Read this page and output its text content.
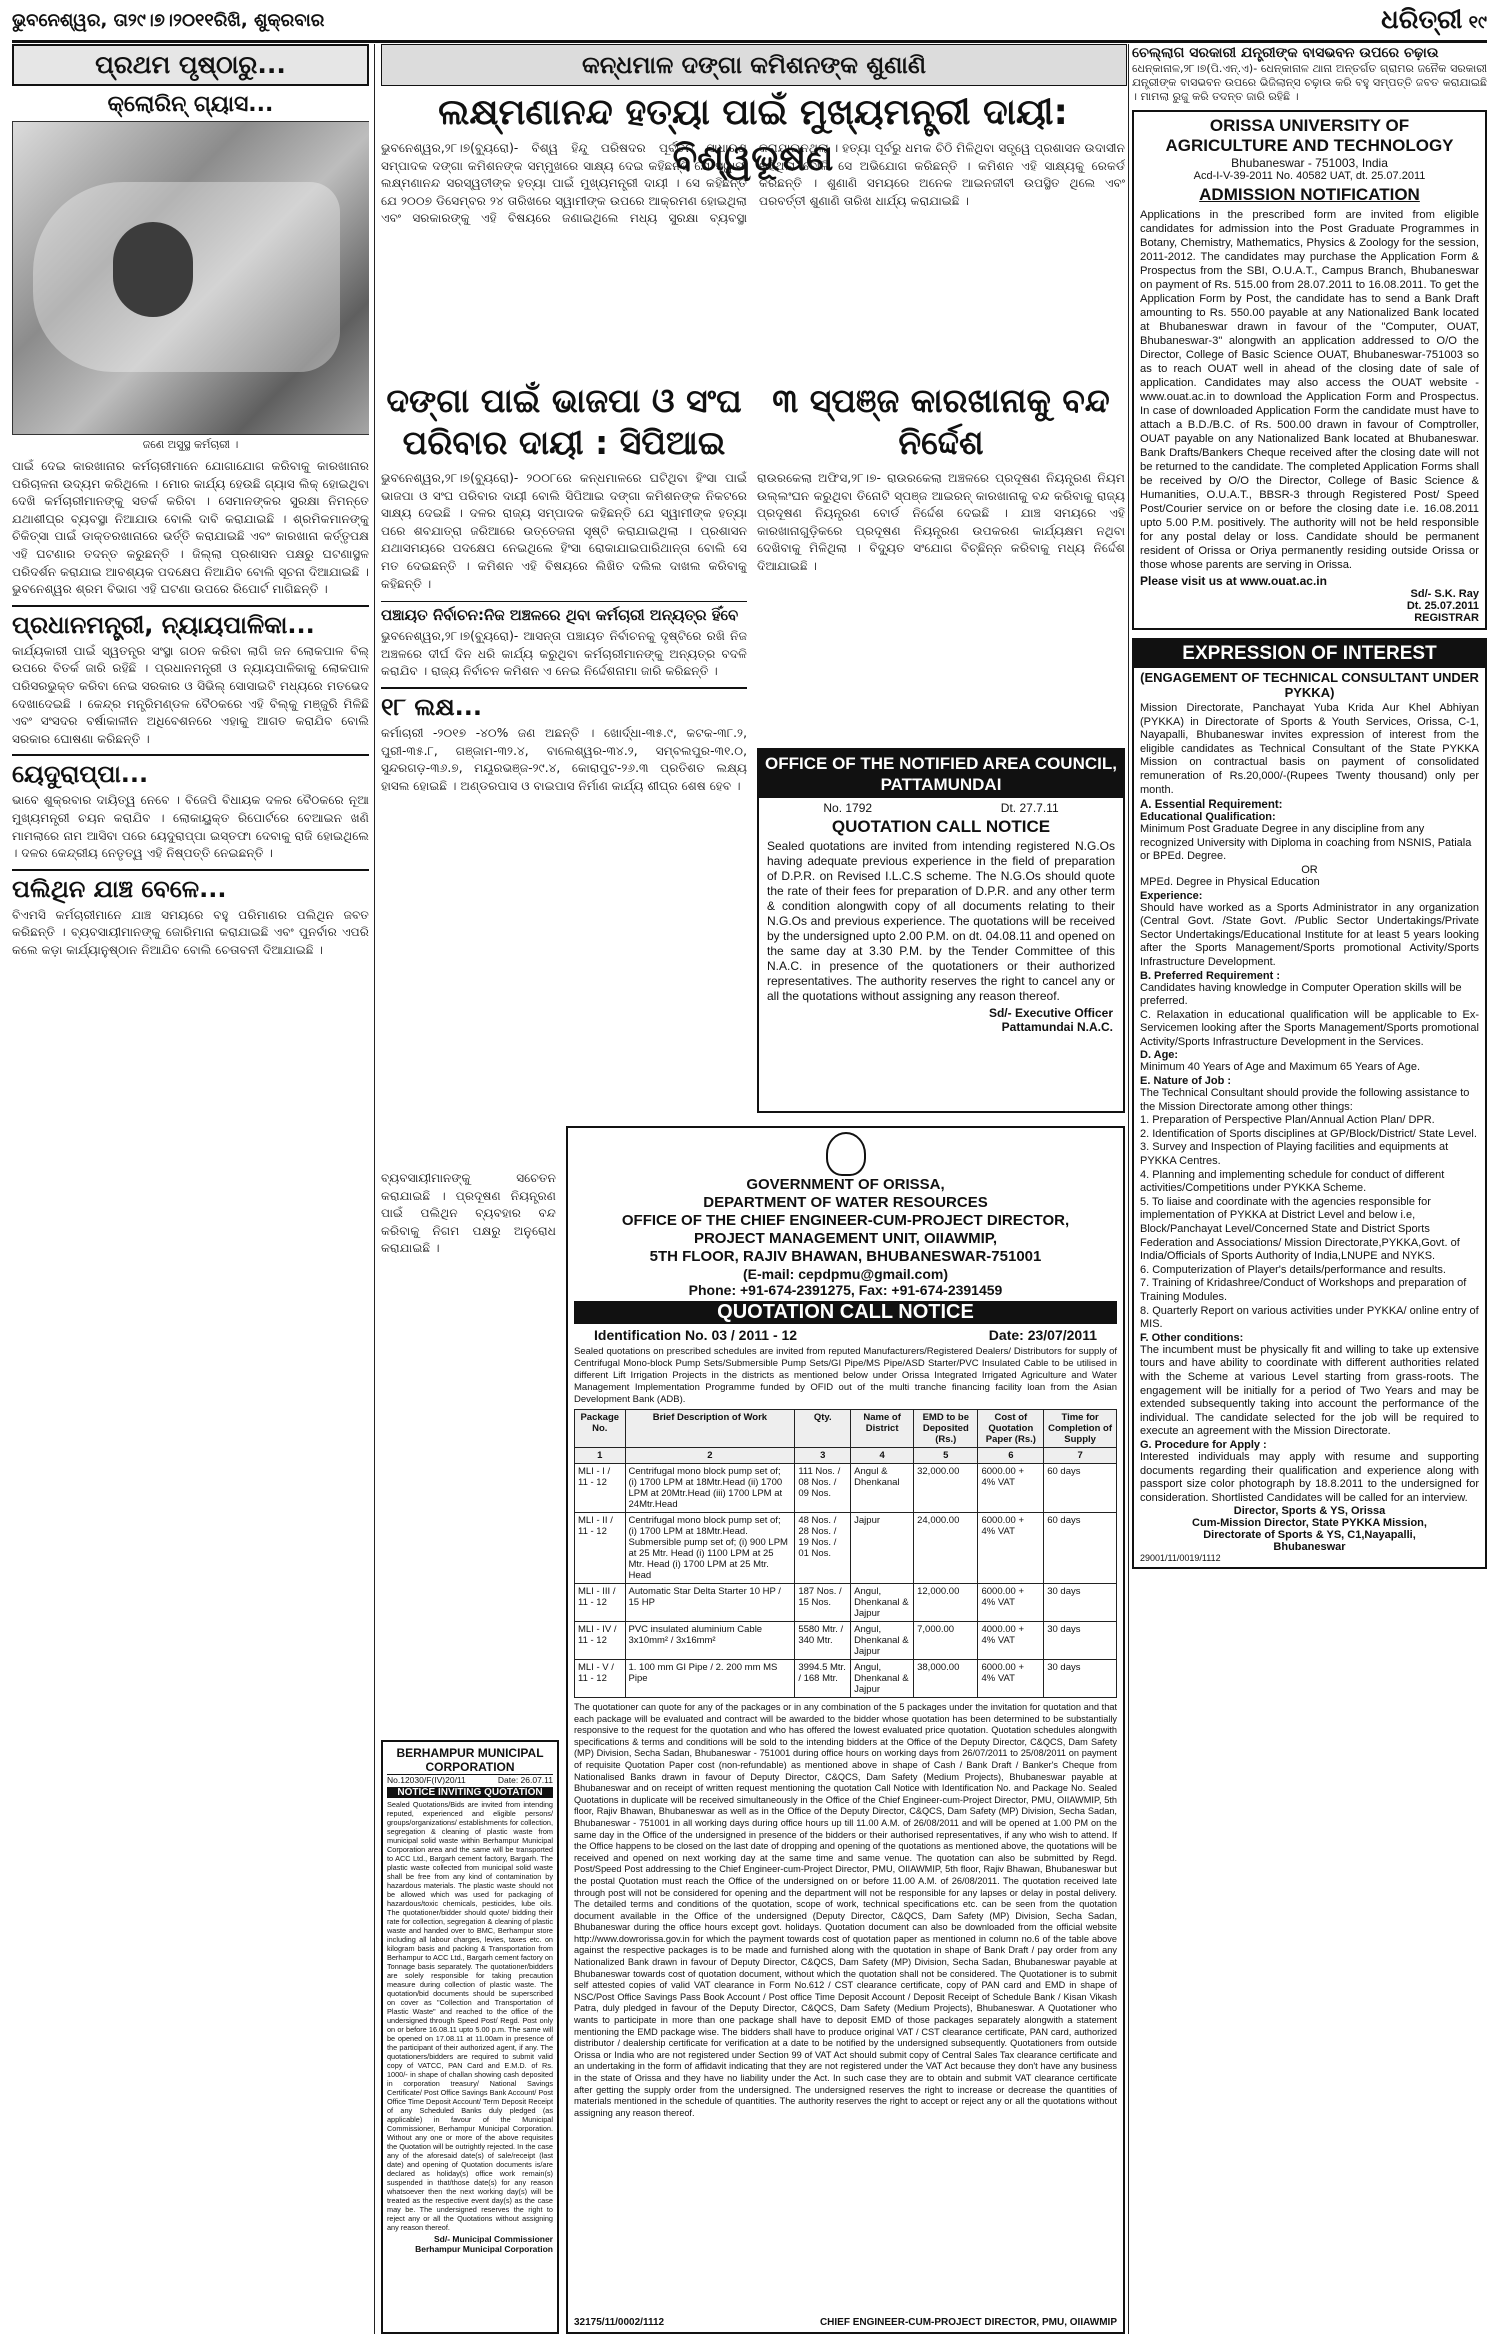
ଭୁବନେଶ୍ୱର, ତା୨୯।୭।୨୦୧୧ରିଖି, ଶୁକ୍ରବାର	ଧରିତ୍ରୀ ୧୯
ପ୍ରଥମ ପୃଷ୍ଠାରୁ...
କ୍ଲୋରିନ୍ ଗ୍ୟାସ...
ଜଣେ ଅସୁସ୍ଥ କର୍ମଚାରୀ ।

ପାଇଁ ଦେଇ କାରଖାନାର କର୍ମଚାରୀମାନେ ଯୋଗାଯୋଗ କରିବାକୁ କାରଖାନାର ପରିଚାଳନା ଉଦ୍ୟମ କରିଥିଲେ । ମୋର କାର୍ଯ୍ୟ ହେଉଛି ଗ୍ୟାସ ଲିକ୍ ହୋଇଥିବା ଦେଖି କର୍ମଚାରୀମାନଙ୍କୁ ସତର୍କ କରିବା । ସେମାନଙ୍କର ସୁରକ୍ଷା ନିମନ୍ତେ ଯଥାଶୀଘ୍ର ବ୍ୟବସ୍ଥା ନିଆଯାଉ ବୋଲି ଦାବି କରାଯାଇଛି । ଶ୍ରମିକମାନଙ୍କୁ ଚିକିତ୍ସା ପାଇଁ ଡାକ୍ତରଖାନାରେ ଭର୍ତ୍ତି କରାଯାଇଛି ଏବଂ କାରଖାନା କର୍ତ୍ତୃପକ୍ଷ ଏହି ଘଟଣାର ତଦନ୍ତ କରୁଛନ୍ତି । ଜିଲ୍ଲା ପ୍ରଶାସନ ପକ୍ଷରୁ ଘଟଣାସ୍ଥଳ ପରିଦର୍ଶନ କରାଯାଇ ଆବଶ୍ୟକ ପଦକ୍ଷେପ ନିଆଯିବ ବୋଲି ସୂଚନା ଦିଆଯାଇଛି । ଭୁବନେଶ୍ୱର ଶ୍ରମ ବିଭାଗ ଏହି ଘଟଣା ଉପରେ ରିପୋର୍ଟ ମାଗିଛନ୍ତି ।

ପ୍ରଧାନମନ୍ତ୍ରୀ, ନ୍ୟାୟପାଳିକା...

କାର୍ଯ୍ୟକାରୀ ପାଇଁ ସ୍ୱତନ୍ତ୍ର ସଂସ୍ଥା ଗଠନ କରିବା ଲାଗି ଜନ ଲୋକପାଳ ବିଲ୍ ଉପରେ ବିତର୍କ ଜାରି ରହିଛି । ପ୍ରଧାନମନ୍ତ୍ରୀ ଓ ନ୍ୟାୟପାଳିକାକୁ ଲୋକପାଳ ପରିସରଭୁକ୍ତ କରିବା ନେଇ ସରକାର ଓ ସିଭିଲ୍ ସୋସାଇଟି ମଧ୍ୟରେ ମତଭେଦ ଦେଖାଦେଇଛି । କେନ୍ଦ୍ର ମନ୍ତ୍ରିମଣ୍ଡଳ ବୈଠକରେ ଏହି ବିଲ୍‌କୁ ମଞ୍ଜୁରି ମିଳିଛି ଏବଂ ସଂସଦର ବର୍ଷାକାଳୀନ ଅଧିବେଶନରେ ଏହାକୁ ଆଗତ କରାଯିବ ବୋଲି ସରକାର ଘୋଷଣା କରିଛନ୍ତି ।

ୟେଦୁରାପ୍ପା...

ଭାବେ ଶୁକ୍ରବାର ଦାୟିତ୍ୱ ନେବେ । ବିଜେପି ବିଧାୟକ ଦଳର ବୈଠକରେ ନୂଆ ମୁଖ୍ୟମନ୍ତ୍ରୀ ଚୟନ କରାଯିବ । ଲୋକାୟୁକ୍ତ ରିପୋର୍ଟରେ ବେଆଇନ ଖଣି ମାମଲାରେ ନାମ ଆସିବା ପରେ ୟେଦୁରାପ୍ପା ଇସ୍ତଫା ଦେବାକୁ ରାଜି ହୋଇଥିଲେ । ଦଳର କେନ୍ଦ୍ରୀୟ ନେତୃତ୍ୱ ଏହି ନିଷ୍ପତ୍ତି ନେଇଛନ୍ତି ।

ପଲିଥିନ ଯାଞ୍ଚ ବେଳେ...

ବିଏମସି କର୍ମଚାରୀମାନେ ଯାଞ୍ଚ ସମୟରେ ବହୁ ପରିମାଣର ପଲିଥିନ ଜବତ କରିଛନ୍ତି । ବ୍ୟବସାୟୀମାନଙ୍କୁ ଜୋରିମାନା କରାଯାଇଛି ଏବଂ ପୁନର୍ବାର ଏପରି କଲେ କଡ଼ା କାର୍ଯ୍ୟାନୁଷ୍ଠାନ ନିଆଯିବ ବୋଲି ଚେତାବନୀ ଦିଆଯାଇଛି ।

କନ୍ଧମାଳ ଦଙ୍ଗା କମିଶନଙ୍କ ଶୁଣାଣି
ଲକ୍ଷ୍ମଣାନନ୍ଦ ହତ୍ୟା ପାଇଁ ମୁଖ୍ୟମନ୍ତ୍ରୀ ଦାୟୀ: ବିଶ୍ୱଭୂଷଣ

ଭୁବନେଶ୍ୱର,୨୮।୭(ବ୍ୟୁରୋ)- ବିଶ୍ୱ ହିନ୍ଦୁ ପରିଷଦର ପୂର୍ବତନ ସାଧାରଣ ସମ୍ପାଦକ ଦଙ୍ଗା କମିଶନଙ୍କ ସମ୍ମୁଖରେ ସାକ୍ଷ୍ୟ ଦେଇ କହିଛନ୍ତି ଯେ ସ୍ୱାମୀ ଲକ୍ଷ୍ମଣାନନ୍ଦ ସରସ୍ୱତୀଙ୍କ ହତ୍ୟା ପାଇଁ ମୁଖ୍ୟମନ୍ତ୍ରୀ ଦାୟୀ । ସେ କହିଛନ୍ତି ଯେ ୨୦୦୭ ଡିସେମ୍ବର ୨୪ ତାରିଖରେ ସ୍ୱାମୀଙ୍କ ଉପରେ ଆକ୍ରମଣ ହୋଇଥିଲା ଏବଂ ସରକାରଙ୍କୁ ଏହି ବିଷୟରେ ଜଣାଇଥିଲେ ମଧ୍ୟ ସୁରକ୍ଷା ବ୍ୟବସ୍ଥା କରାଯାଇନଥିଲା । ହତ୍ୟା ପୂର୍ବରୁ ଧମକ ଚିଠି ମିଳିଥିବା ସତ୍ତ୍ୱେ ପ୍ରଶାସନ ଉଦାସୀନ ରହିଥିଲା ବୋଲି ସେ ଅଭିଯୋଗ କରିଛନ୍ତି । କମିଶନ ଏହି ସାକ୍ଷ୍ୟକୁ ରେକର୍ଡ କରିଛନ୍ତି । ଶୁଣାଣି ସମୟରେ ଅନେକ ଆଇନଜୀବୀ ଉପସ୍ଥିତ ଥିଲେ ଏବଂ ପରବର୍ତ୍ତୀ ଶୁଣାଣି ତାରିଖ ଧାର୍ଯ୍ୟ କରାଯାଇଛି ।

ଦଙ୍ଗା ପାଇଁ ଭାଜପା ଓ ସଂଘ ପରିବାର ଦାୟୀ : ସିପିଆଇ

ଭୁବନେଶ୍ୱର,୨୮।୭(ବ୍ୟୁରୋ)- ୨୦୦୮ରେ କନ୍ଧମାଳରେ ଘଟିଥିବା ହିଂସା ପାଇଁ ଭାଜପା ଓ ସଂଘ ପରିବାର ଦାୟୀ ବୋଲି ସିପିଆଇ ଦଙ୍ଗା କମିଶନଙ୍କ ନିକଟରେ ସାକ୍ଷ୍ୟ ଦେଇଛି । ଦଳର ରାଜ୍ୟ ସମ୍ପାଦକ କହିଛନ୍ତି ଯେ ସ୍ୱାମୀଙ୍କ ହତ୍ୟା ପରେ ଶବଯାତ୍ରା ଜରିଆରେ ଉତ୍ତେଜନା ସୃଷ୍ଟି କରାଯାଇଥିଲା । ପ୍ରଶାସନ ଯଥାସମୟରେ ପଦକ୍ଷେପ ନେଇଥିଲେ ହିଂସା ରୋକାଯାଇପାରିଥାନ୍ତା ବୋଲି ସେ ମତ ଦେଇଛନ୍ତି । କମିଶନ ଏହି ବିଷୟରେ ଲିଖିତ ଦଲିଲ ଦାଖଲ କରିବାକୁ କହିଛନ୍ତି ।

ପଞ୍ଚାୟତ ନିର୍ବାଚନ:ନିଜ ଅଞ୍ଚଳରେ ଥିବା କର୍ମଚାରୀ ଅନ୍ୟତ୍ର ହିଁବେ

ଭୁବନେଶ୍ୱର,୨୮।୭(ବ୍ୟୁରୋ)- ଆସନ୍ତା ପଞ୍ଚାୟତ ନିର୍ବାଚନକୁ ଦୃଷ୍ଟିରେ ରଖି ନିଜ ଅଞ୍ଚଳରେ ଦୀର୍ଘ ଦିନ ଧରି କାର୍ଯ୍ୟ କରୁଥିବା କର୍ମଚାରୀମାନଙ୍କୁ ଅନ୍ୟତ୍ର ବଦଳି କରାଯିବ । ରାଜ୍ୟ ନିର୍ବାଚନ କମିଶନ ଏ ନେଇ ନିର୍ଦ୍ଦେଶନାମା ଜାରି କରିଛନ୍ତି ।

୧୮ ଲକ୍ଷ...

କର୍ମାଚାରୀ -୨୦୧୭ -୪୦% ଜଣ ଅଛନ୍ତି । ଖୋର୍ଦ୍ଧା-୩୫.୯, କଟକ-୩୮.୨, ପୁରୀ-୩୫.୮, ଗଞ୍ଜାମ-୩୨.୪, ବାଲେଶ୍ୱର-୩୪.୨, ସମ୍ବଲପୁର-୩୧.୦, ସୁନ୍ଦରଗଡ଼-୩୬.୭, ମୟୂରଭଞ୍ଜ-୨୯.୪, କୋରାପୁଟ-୨୬.୩ ପ୍ରତିଶତ ଲକ୍ଷ୍ୟ ହାସଲ ହୋଇଛି । ଅଣ୍ଡରପାସ ଓ ବାଇପାସ ନିର୍ମାଣ କାର୍ଯ୍ୟ ଶୀଘ୍ର ଶେଷ ହେବ ।

୩ ସ୍ପଞ୍ଜ କାରଖାନାକୁ ବନ୍ଦ ନିର୍ଦ୍ଦେଶ

ରାଉରକେଲା ଅଫିସ,୨୮।୭- ରାଉରକେଲା ଅଞ୍ଚଳରେ ପ୍ରଦୂଷଣ ନିୟନ୍ତ୍ରଣ ନିୟମ ଉଲ୍ଲଂଘନ କରୁଥିବା ତିନୋଟି ସ୍ପଞ୍ଜ ଆଇରନ୍ କାରଖାନାକୁ ବନ୍ଦ କରିବାକୁ ରାଜ୍ୟ ପ୍ରଦୂଷଣ ନିୟନ୍ତ୍ରଣ ବୋର୍ଡ ନିର୍ଦ୍ଦେଶ ଦେଇଛି । ଯାଞ୍ଚ ସମୟରେ ଏହି କାରଖାନାଗୁଡ଼ିକରେ ପ୍ରଦୂଷଣ ନିୟନ୍ତ୍ରଣ ଉପକରଣ କାର୍ଯ୍ୟକ୍ଷମ ନଥିବା ଦେଖିବାକୁ ମିଳିଥିଲା । ବିଦ୍ୟୁତ ସଂଯୋଗ ବିଚ୍ଛିନ୍ନ କରିବାକୁ ମଧ୍ୟ ନିର୍ଦ୍ଦେଶ ଦିଆଯାଇଛି ।

OFFICE OF THE NOTIFIED AREA COUNCIL, PATTAMUNDAI
No. 1792	Dt. 27.7.11
QUOTATION CALL NOTICE

Sealed quotations are invited from intending registered N.G.Os having adequate previous experience in the field of preparation of D.P.R. on Revised I.L.C.S scheme. The N.G.Os should quote the rate of their fees for preparation of D.P.R. and any other term & condition alongwith copy of all documents relating to their N.G.Os and previous experience. The quotations will be received by the undersigned upto 2.00 P.M. on dt. 04.08.11 and opened on the same day at 3.30 P.M. by the Tender Committee of this N.A.C. in presence of the quotationers or their authorized representatives. The authority reserves the right to cancel any or all the quotations without assigning any reason thereof.

Sd/- Executive Officer
Pattamundai N.A.C.
GOVERNMENT OF ORISSA,
DEPARTMENT OF WATER RESOURCES
OFFICE OF THE CHIEF ENGINEER-CUM-PROJECT DIRECTOR,
PROJECT MANAGEMENT UNIT, OIIAWMIP,
5TH FLOOR, RAJIV BHAWAN, BHUBANESWAR-751001
(E-mail: cepdpmu@gmail.com)
Phone: +91-674-2391275, Fax: +91-674-2391459
QUOTATION CALL NOTICE
Identification No. 03 / 2011 - 12	Date: 23/07/2011

Sealed quotations on prescribed schedules are invited from reputed Manufacturers/Registered Dealers/ Distributors for supply of Centrifugal Mono-block Pump Sets/Submersible Pump Sets/GI Pipe/MS Pipe/ASD Starter/PVC Insulated Cable to be utilised in different Lift Irrigation Projects in the districts as mentioned below under Orissa Integrated Irrigated Agriculture and Water Management Implementation Programme funded by OFID out of the multi tranche financing facility loan from the Asian Development Bank (ADB).

Package No.	Brief Description of Work	Qty.	Name of District	EMD to be Deposited (Rs.)	Cost of Quotation Paper (Rs.)	Time for Completion of Supply
1	2	3	4	5	6	7
MLI - I / 11 - 12	Centrifugal mono block pump set of; (i) 1700 LPM at 18Mtr.Head (ii) 1700 LPM at 20Mtr.Head (iii) 1700 LPM at 24Mtr.Head	111 Nos. / 08 Nos. / 09 Nos.	Angul & Dhenkanal	32,000.00	6000.00 + 4% VAT	60 days
MLI - II / 11 - 12	Centrifugal mono block pump set of; (i) 1700 LPM at 18Mtr.Head. Submersible pump set of; (i) 900 LPM at 25 Mtr. Head (i) 1100 LPM at 25 Mtr. Head (i) 1700 LPM at 25 Mtr. Head	48 Nos. / 28 Nos. / 19 Nos. / 01 Nos.	Jajpur	24,000.00	6000.00 + 4% VAT	60 days
MLI - III / 11 - 12	Automatic Star Delta Starter 10 HP / 15 HP	187 Nos. / 15 Nos.	Angul, Dhenkanal & Jajpur	12,000.00	6000.00 + 4% VAT	30 days
MLI - IV / 11 - 12	PVC insulated aluminium Cable 3x10mm² / 3x16mm²	5580 Mtr. / 340 Mtr.	Angul, Dhenkanal & Jajpur	7,000.00	4000.00 + 4% VAT	30 days
MLI - V / 11 - 12	1. 100 mm GI Pipe / 2. 200 mm MS Pipe	3994.5 Mtr. / 168 Mtr.	Angul, Dhenkanal & Jajpur	38,000.00	6000.00 + 4% VAT	30 days

The quotationer can quote for any of the packages or in any combination of the 5 packages under the invitation for quotation and that each package will be evaluated and contract will be awarded to the bidder whose quotation has been determined to be substantially responsive to the request for the quotation and who has offered the lowest evaluated price quotation. Quotation schedules alongwith specifications & terms and conditions will be sold to the intending bidders at the Office of the Deputy Director, C&QCS, Dam Safety (MP) Division, Secha Sadan, Bhubaneswar - 751001 during office hours on working days from 26/07/2011 to 25/08/2011 on payment of requisite Quotation Paper cost (non-refundable) as mentioned above in shape of Cash / Bank Draft / Banker's Cheque from Nationalised Banks drawn in favour of Deputy Director, C&QCS, Dam Safety (Medium Projects), Bhubaneswar payable at Bhubaneswar and on receipt of written request mentioning the quotation Call Notice with Identification No. and Package No. Sealed Quotations in duplicate will be received simultaneously in the Office of the Chief Engineer-cum-Project Director, PMU, OIIAWMIP, 5th floor, Rajiv Bhawan, Bhubaneswar as well as in the Office of the Deputy Director, C&QCS, Dam Safety (MP) Division, Secha Sadan, Bhubaneswar - 751001 in all working days during office hours up till 11.00 A.M. of 26/08/2011 and will be opened at 1.00 PM on the same day in the Office of the undersigned in presence of the bidders or their authorised representatives, if any who wish to attend. If the Office happens to be closed on the last date of dropping and opening of the quotations as mentioned above, the quotations will be received and opened on next working day at the same time and same venue. The quotation can also be submitted by Regd. Post/Speed Post addressing to the Chief Engineer-cum-Project Director, PMU, OIIAWMIP, 5th floor, Rajiv Bhawan, Bhubaneswar but the postal Quotation must reach the Office of the undersigned on or before 11.00 A.M. of 26/08/2011. The quotation received late through post will not be considered for opening and the department will not be responsible for any lapses or delay in postal delivery. The detailed terms and conditions of the quotation, scope of work, technical specifications etc. can be seen from the quotation document available in the Office of the undersigned (Deputy Director, C&QCS, Dam Safety (MP) Division, Secha Sadan, Bhubaneswar during the office hours except govt. holidays. Quotation document can also be downloaded from the official website http://www.dowrorissa.gov.in for which the payment towards cost of quotation paper as mentioned in column no.6 of the table above against the respective packages is to be made and furnished along with the quotation in shape of Bank Draft / pay order from any Nationalized Bank drawn in favour of Deputy Director, C&QCS, Dam Safety (MP) Division, Secha Sadan, Bhubaneswar payable at Bhubaneswar towards cost of quotation document, without which the quotation shall not be considered. The Quotationer is to submit self attested copies of valid VAT clearance in Form No.612 / CST clearance certificate, copy of PAN card and EMD in shape of NSC/Post Office Savings Pass Book Account / Post office Time Deposit Account / Deposit Receipt of Schedule Bank / Kisan Vikash Patra, duly pledged in favour of the Deputy Director, C&QCS, Dam Safety (Medium Projects), Bhubaneswar. A Quotationer who wants to participate in more than one package shall have to deposit EMD of those packages separately alongwith a statement mentioning the EMD package wise. The bidders shall have to produce original VAT / CST clearance certificate, PAN card, authorized distributor / dealership certificate for verification at a date to be notified by the undersigned subsequently. Quotationers from outside Orissa or India who are not registered under Section 99 of VAT Act should submit copy of Central Sales Tax clearance certificate and an undertaking in the form of affidavit indicating that they are not registered under the VAT Act because they don't have any business in the state of Orissa and they have no liability under the Act. In such case they are to obtain and submit VAT clearance certificate after getting the supply order from the undersigned. The undersigned reserves the right to increase or decrease the quantities of materials mentioned in the schedule of quantities. The authority reserves the right to accept or reject any or all the quotations without assigning any reason thereof.

32175/11/0002/1112	CHIEF ENGINEER-CUM-PROJECT DIRECTOR, PMU, OIIAWMIP

ବ୍ୟବସାୟୀମାନଙ୍କୁ ସଚେତନ କରାଯାଇଛି । ପ୍ରଦୂଷଣ ନିୟନ୍ତ୍ରଣ ପାଇଁ ପଲିଥିନ ବ୍ୟବହାର ବନ୍ଦ କରିବାକୁ ନିଗମ ପକ୍ଷରୁ ଅନୁରୋଧ କରାଯାଇଛି ।

BERHAMPUR MUNICIPAL CORPORATION
No.12030/F(IV)20/11	Date: 26.07.11
NOTICE INVITING QUOTATION

Sealed Quotations/Bids are invited from intending reputed, experienced and eligible persons/ groups/organizations/ establishments for collection, segregation & cleaning of plastic waste from municipal solid waste within Berhampur Municipal Corporation area and the same will be transported to ACC Ltd., Bargarh cement factory, Bargarh. The plastic waste collected from municipal solid waste shall be free from any kind of contamination by hazardous materials. The plastic waste should not be allowed which was used for packaging of hazardous/toxic chemicals, pesticides, lube oils. The quotationer/bidder should quote/ bidding their rate for collection, segregation & cleaning of plastic waste and handed over to BMC, Berhampur store including all labour charges, levies, taxes etc. on kilogram basis and packing & Transportation from Berhampur to ACC Ltd., Bargarh cement factory on Tonnage basis separately. The quotationer/bidders are solely responsible for taking precaution measure during collection of plastic waste. The quotation/bid documents should be superscribed on cover as "Collection and Transportation of Plastic Waste" and reached to the office of the undersigned through Speed Post/ Regd. Post only on or before 16.08.11 upto 5.00 p.m. The same will be opened on 17.08.11 at 11.00am in presence of the participant of their authorized agent, if any. The quotationers/bidders are required to submit valid copy of VATCC, PAN Card and E.M.D. of Rs. 1000/- in shape of challan showing cash deposited in corporation treasury/ National Savings Certificate/ Post Office Savings Bank Account/ Post Office Time Deposit Account/ Term Deposit Receipt of any Scheduled Banks duly pledged (as applicable) in favour of the Municipal Commissioner, Berhampur Municipal Corporation. Without any one or more of the above requisites the Quotation will be outrightly rejected. In the case any of the aforesaid date(s) of sale/receipt (last date) and opening of Quotation documents is/are declared as holiday(s) office work remain(s) suspended in that/those date(s) for any reason whatsoever then the next working day(s) will be treated as the respective event day(s) as the case may be. The undersigned reserves the right to reject any or all the Quotations without assigning any reason thereof.

Sd/- Municipal Commissioner
Berhampur Municipal Corporation
ଚେଲ୍ଲାଗ ସରକାରୀ ଯନ୍ତ୍ରୀଙ୍କ ବାସଭବନ ଉପରେ ଚଢ଼ାଉ

ଧେନ୍‌କାନାଳ,୨୮।୭(ପି.ଏନ୍.ଏ)- ଧେନ୍‌କାନାଳ ଥାନା ଅନ୍ତର୍ଗତ ଗ୍ରାମର ଜନୈକ ସରକାରୀ ଯନ୍ତ୍ରୀଙ୍କ ବାସଭବନ ଉପରେ ଭିଜିଲାନ୍ସ ଚଢ଼ାଉ କରି ବହୁ ସମ୍ପତ୍ତି ଜବତ କରାଯାଇଛି । ମାମଲା ରୁଜୁ କରି ତଦନ୍ତ ଜାରି ରହିଛି ।

ORISSA UNIVERSITY OF
AGRICULTURE AND TECHNOLOGY
Bhubaneswar - 751003, India
Acd-I-V-39-2011 No. 40582 UAT, dt. 25.07.2011
ADMISSION NOTIFICATION

Applications in the prescribed form are invited from eligible candidates for admission into the Post Graduate Programmes in Botany, Chemistry, Mathematics, Physics & Zoology for the session, 2011-2012. The candidates may purchase the Application Form & Prospectus from the SBI, O.U.A.T., Campus Branch, Bhubaneswar on payment of Rs. 515.00 from 28.07.2011 to 16.08.2011. To get the Application Form by Post, the candidate has to send a Bank Draft amounting to Rs. 550.00 payable at any Nationalized Bank located at Bhubaneswar drawn in favour of the "Computer, OUAT, Bhubaneswar-3" alongwith an application addressed to O/O the Director, College of Basic Science OUAT, Bhubaneswar-751003 so as to reach OUAT well in ahead of the closing date of sale of application. Candidates may also access the OUAT website - www.ouat.ac.in to download the Application Form and Prospectus. In case of downloaded Application Form the candidate must have to attach a B.D./B.C. of Rs. 500.00 drawn in favour of Comptroller, OUAT payable on any Nationalized Bank located at Bhubaneswar. Bank Drafts/Bankers Cheque received after the closing date will not be returned to the candidate. The completed Application Forms shall be received by O/O the Director, College of Basic Science & Humanities, O.U.A.T., BBSR-3 through Registered Post/ Speed Post/Courier service on or before the closing date i.e. 16.08.2011 upto 5.00 P.M. positively. The authority will not be held responsible for any postal delay or loss. Candidate should be permanent resident of Orissa or Oriya permanently residing outside Orissa or those whose parents are serving in Orissa.

Please visit us at www.ouat.ac.in
Sd/- S.K. Ray
Dt. 25.07.2011
REGISTRAR
EXPRESSION OF INTEREST
(ENGAGEMENT OF TECHNICAL CONSULTANT UNDER PYKKA)

Mission Directorate, Panchayat Yuba Krida Aur Khel Abhiyan (PYKKA) in Directorate of Sports & Youth Services, Orissa, C-1, Nayapalli, Bhubaneswar invites expression of interest from the eligible candidates as Technical Consultant of the State PYKKA Mission on contractual basis on payment of consolidated remuneration of Rs.20,000/-(Rupees Twenty thousand) only per month.

A. Essential Requirement:
Educational Qualification:

Minimum Post Graduate Degree in any discipline from any recognized University with Diploma in coaching from NSNIS, Patiala or BPEd. Degree.

OR

MPEd. Degree in Physical Education

Experience:

Should have worked as a Sports Administrator in any organization (Central Govt. /State Govt. /Public Sector Undertakings/Private Sector Undertakings/Educational Institute for at least 5 years looking after the Sports Management/Sports promotional Activity/Sports Infrastructure Development.

B. Preferred Requirement :

Candidates having knowledge in Computer Operation skills will be preferred.

C. Relaxation in educational qualification will be applicable to Ex-Servicemen looking after the Sports Management/Sports promotional Activity/Sports Infrastructure Development in the Services.

D. Age:

Minimum 40 Years of Age and Maximum 65 Years of Age.

E. Nature of Job :

The Technical Consultant should provide the following assistance to the Mission Directorate among other things:

1. Preparation of Perspective Plan/Annual Action Plan/ DPR.
2. Identification of Sports disciplines at GP/Block/District/ State Level.
3. Survey and Inspection of Playing facilities and equipments at PYKKA Centres.
4. Planning and implementing schedule for conduct of different activities/Competitions under PYKKA Scheme.
5. To liaise and coordinate with the agencies responsible for implementation of PYKKA at District Level and below i.e, Block/Panchayat Level/Concerned State and District Sports Federation and Associations/ Mission Directorate,PYKKA,Govt. of India/Officials of Sports Authority of India,LNUPE and NYKS.
6. Computerization of Player's details/performance and results.
7. Training of Kridashree/Conduct of Workshops and preparation of Training Modules.
8. Quarterly Report on various activities under PYKKA/ online entry of MIS.
F. Other conditions:

The incumbent must be physically fit and willing to take up extensive tours and have ability to coordinate with different authorities related with the Scheme at various Level starting from grass-roots. The engagement will be initially for a period of Two Years and may be extended subsequently taking into account the performance of the individual. The candidate selected for the job will be required to execute an agreement with the Mission Directorate.

G. Procedure for Apply :

Interested individuals may apply with resume and supporting documents regarding their qualification and experience along with passport size color photograph by 18.8.2011 to the undersigned for consideration. Shortlisted Candidates will be called for an interview.

Director, Sports & YS, Orissa
Cum-Mission Director, State PYKKA Mission,
Directorate of Sports & YS, C1,Nayapalli,
Bhubaneswar
29001/11/0019/1112
